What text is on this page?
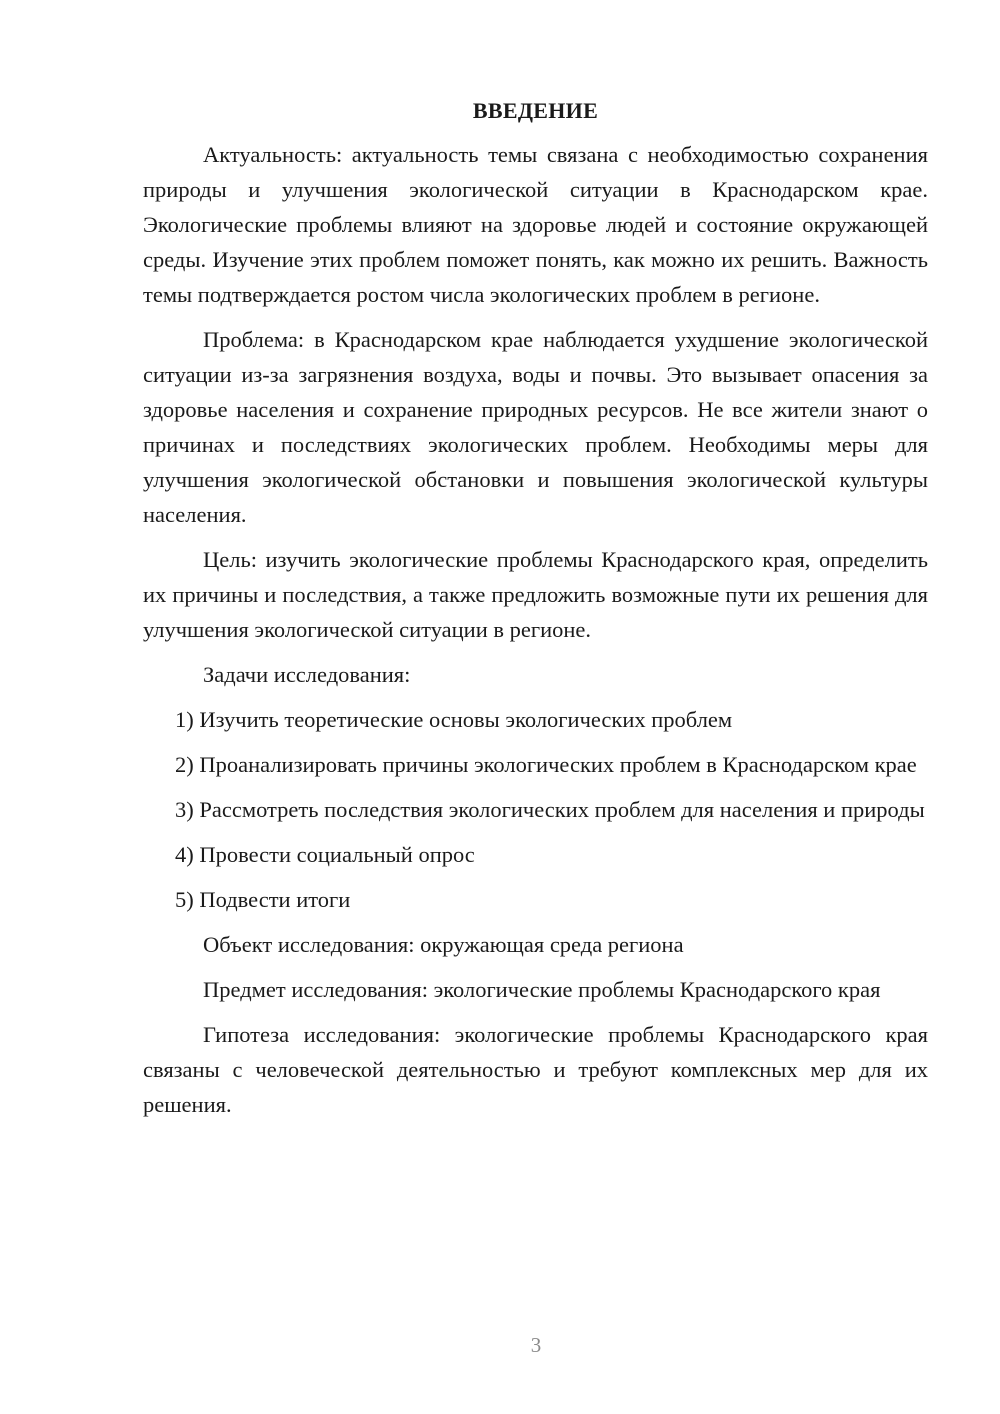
ВВЕДЕНИЕ

Актуальность: актуальность темы связана с необходимостью сохранения природы и улучшения экологической ситуации в Краснодарском крае. Экологические проблемы влияют на здоровье людей и состояние окружающей среды. Изучение этих проблем поможет понять, как можно их решить. Важность темы подтверждается ростом числа экологических проблем в регионе.

Проблема: в Краснодарском крае наблюдается ухудшение экологической ситуации из-за загрязнения воздуха, воды и почвы. Это вызывает опасения за здоровье населения и сохранение природных ресурсов. Не все жители знают о причинах и последствиях экологических проблем. Необходимы меры для улучшения экологической обстановки и повышения экологической культуры населения.

Цель: изучить экологические проблемы Краснодарского края, определить их причины и последствия, а также предложить возможные пути их решения для улучшения экологической ситуации в регионе.

Задачи исследования:

1) Изучить теоретические основы экологических проблем

2) Проанализировать причины экологических проблем в Краснодарском крае

3) Рассмотреть последствия экологических проблем для населения и природы

4) Провести социальный опрос

5) Подвести итоги

Объект исследования: окружающая среда региона

Предмет исследования: экологические проблемы Краснодарского края

Гипотеза исследования: экологические проблемы Краснодарского края связаны с человеческой деятельностью и требуют комплексных мер для их решения.

3
